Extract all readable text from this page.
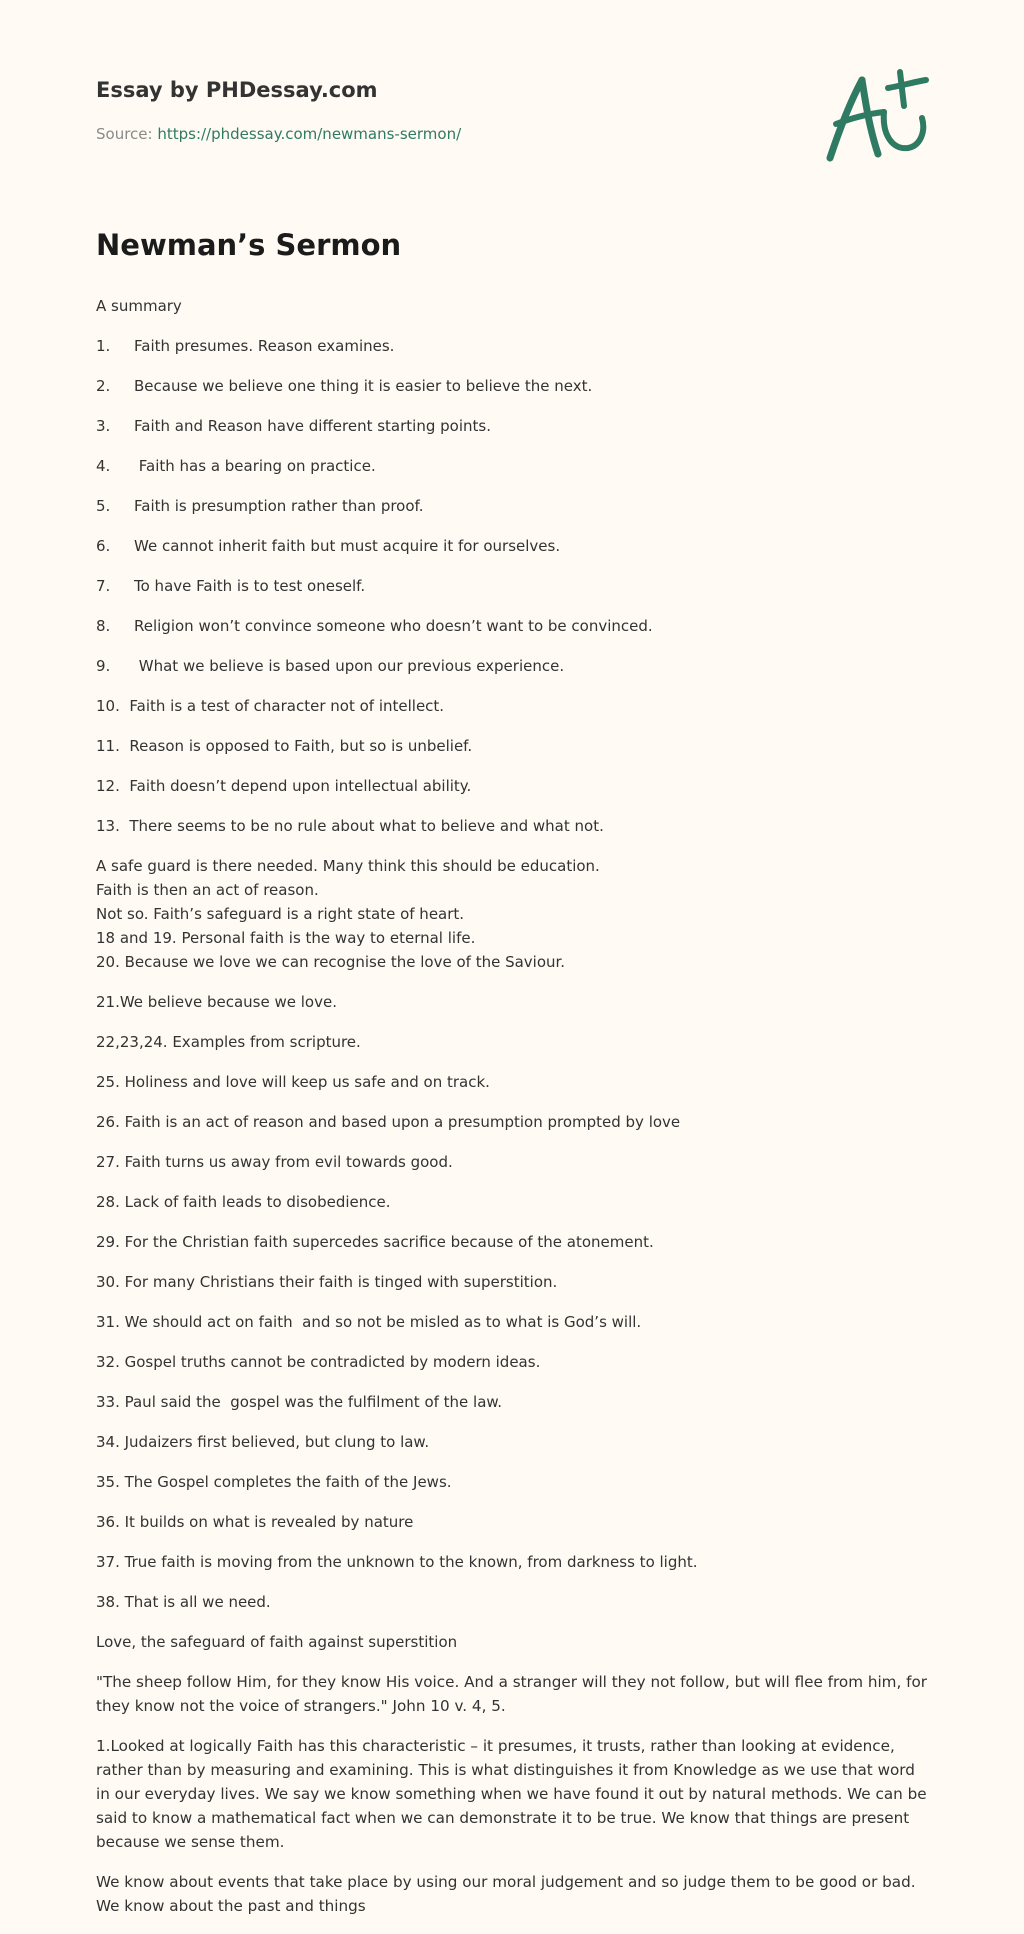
Essay by PHDessay.com
Source: https://phdessay.com/newmans-sermon/
Newman’s Sermon

A summary

1. Faith presumes. Reason examines.
2. Because we believe one thing it is easier to believe the next.
3. Faith and Reason have different starting points.
4. Faith has a bearing on practice.
5. Faith is presumption rather than proof.
6. We cannot inherit faith but must acquire it for ourselves.
7. To have Faith is to test oneself.
8. Religion won’t convince someone who doesn’t want to be convinced.
9. What we believe is based upon our previous experience.

10.  Faith is a test of character not of intellect.

11.  Reason is opposed to Faith, but so is unbelief.

12.  Faith doesn’t depend upon intellectual ability.

13.  There seems to be no rule about what to believe and what not.

A safe guard is there needed. Many think this should be education.
Faith is then an act of reason.
Not so. Faith’s safeguard is a right state of heart.
18 and 19. Personal faith is the way to eternal life.
20. Because we love we can recognise the love of the Saviour.

21.We believe because we love.

22,23,24. Examples from scripture.

25. Holiness and love will keep us safe and on track.

26. Faith is an act of reason and based upon a presumption prompted by love

27. Faith turns us away from evil towards good.

28. Lack of faith leads to disobedience.

29. For the Christian faith supercedes sacrifice because of the atonement.

30. For many Christians their faith is tinged with superstition.

31. We should act on faith  and so not be misled as to what is God’s will.

32. Gospel truths cannot be contradicted by modern ideas.

33. Paul said the  gospel was the fulfilment of the law.

34. Judaizers first believed, but clung to law.

35. The Gospel completes the faith of the Jews.

36. It builds on what is revealed by nature

37. True faith is moving from the unknown to the known, from darkness to light.

38. That is all we need.

Love, the safeguard of faith against superstition

"The sheep follow Him, for they know His voice. And a stranger will they not follow, but will flee from him, for they know not the voice of strangers." John 10 v. 4, 5.

1.Looked at logically Faith has this characteristic – it presumes, it trusts, rather than looking at evidence, rather than by measuring and examining. This is what distinguishes it from Knowledge as we use that word in our everyday lives. We say we know something when we have found it out by natural methods. We can be said to know a mathematical fact when we can demonstrate it to be true. We know that things are present because we sense them.

We know about events that take place by using our moral judgement and so judge them to be good or bad. We know about the past and things
